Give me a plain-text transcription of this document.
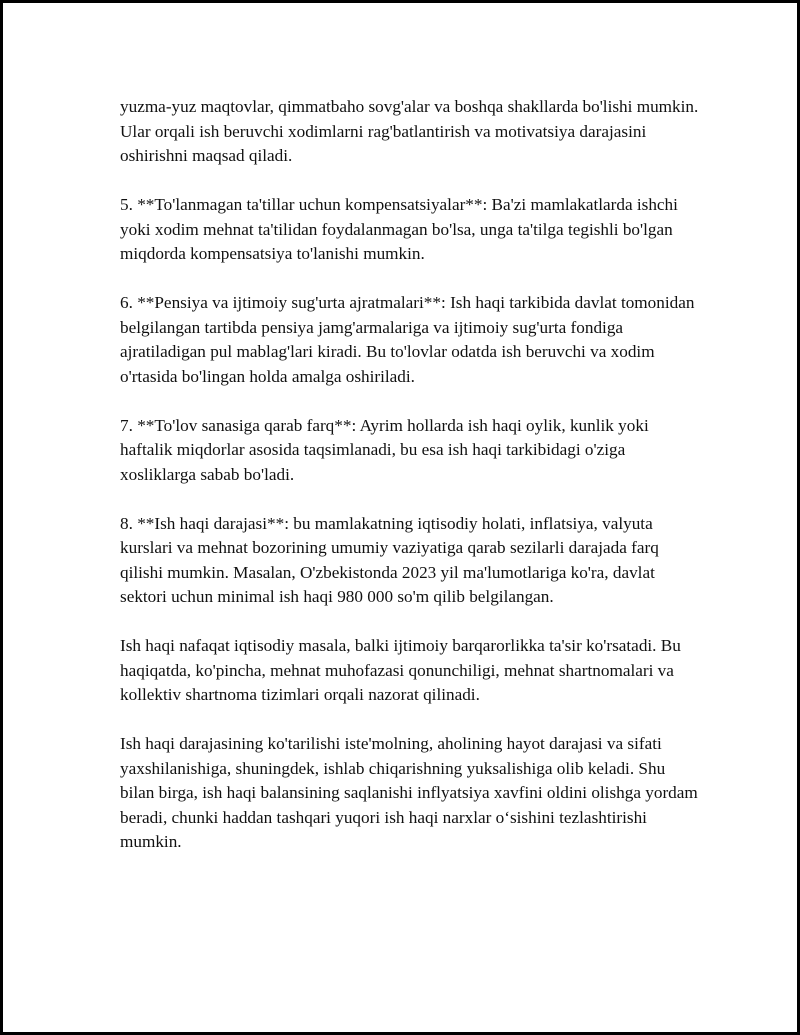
yuzma-yuz maqtovlar, qimmatbaho sovg'alar va boshqa shakllarda bo'lishi mumkin. Ular orqali ish beruvchi xodimlarni rag'batlantirish va motivatsiya darajasini oshirishni maqsad qiladi.

5. **To'lanmagan ta'tillar uchun kompensatsiyalar**: Ba'zi mamlakatlarda ishchi yoki xodim mehnat ta'tilidan foydalanmagan bo'lsa, unga ta'tilga tegishli bo'lgan miqdorda kompensatsiya to'lanishi mumkin.

6. **Pensiya va ijtimoiy sug'urta ajratmalari**: Ish haqi tarkibida davlat tomonidan belgilangan tartibda pensiya jamg'armalariga va ijtimoiy sug'urta fondiga ajratiladigan pul mablag'lari kiradi. Bu to'lovlar odatda ish beruvchi va xodim o'rtasida bo'lingan holda amalga oshiriladi.

7. **To'lov sanasiga qarab farq**: Ayrim hollarda ish haqi oylik, kunlik yoki haftalik miqdorlar asosida taqsimlanadi, bu esa ish haqi tarkibidagi o'ziga xosliklarga sabab bo'ladi.

8. **Ish haqi darajasi**: bu mamlakatning iqtisodiy holati, inflatsiya, valyuta kurslari va mehnat bozorining umumiy vaziyatiga qarab sezilarli darajada farq qilishi mumkin. Masalan, O'zbekistonda 2023 yil ma'lumotlariga ko'ra, davlat sektori uchun minimal ish haqi 980 000 so'm qilib belgilangan.

Ish haqi nafaqat iqtisodiy masala, balki ijtimoiy barqarorlikka ta'sir ko'rsatadi. Bu haqiqatda, ko'pincha, mehnat muhofazasi qonunchiligi, mehnat shartnomalari va kollektiv shartnoma tizimlari orqali nazorat qilinadi.

Ish haqi darajasining ko'tarilishi iste'molning, aholining hayot darajasi va sifati yaxshilanishiga, shuningdek, ishlab chiqarishning yuksalishiga olib keladi. Shu bilan birga, ish haqi balansining saqlanishi inflyatsiya xavfini oldini olishga yordam beradi, chunki haddan tashqari yuqori ish haqi narxlar o‘sishini tezlashtirishi mumkin.
